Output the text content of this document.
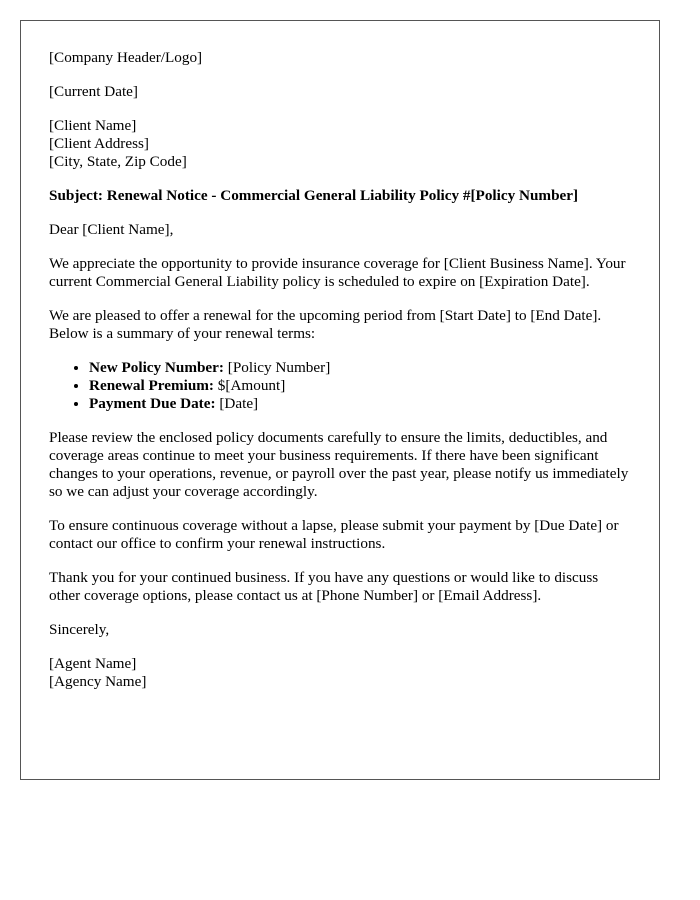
[Company Header/Logo]

[Current Date]

[Client Name]
[Client Address]
[City, State, Zip Code]

Subject: Renewal Notice - Commercial General Liability Policy #[Policy Number]

Dear [Client Name],

We appreciate the opportunity to provide insurance coverage for [Client Business Name]. Your current Commercial General Liability policy is scheduled to expire on [Expiration Date].

We are pleased to offer a renewal for the upcoming period from [Start Date] to [End Date]. Below is a summary of your renewal terms:

• New Policy Number: [Policy Number]
• Renewal Premium: $[Amount]
• Payment Due Date: [Date]

Please review the enclosed policy documents carefully to ensure the limits, deductibles, and coverage areas continue to meet your business requirements. If there have been significant changes to your operations, revenue, or payroll over the past year, please notify us immediately so we can adjust your coverage accordingly.

To ensure continuous coverage without a lapse, please submit your payment by [Due Date] or contact our office to confirm your renewal instructions.

Thank you for your continued business. If you have any questions or would like to discuss other coverage options, please contact us at [Phone Number] or [Email Address].

Sincerely,

[Agent Name]
[Agency Name]
